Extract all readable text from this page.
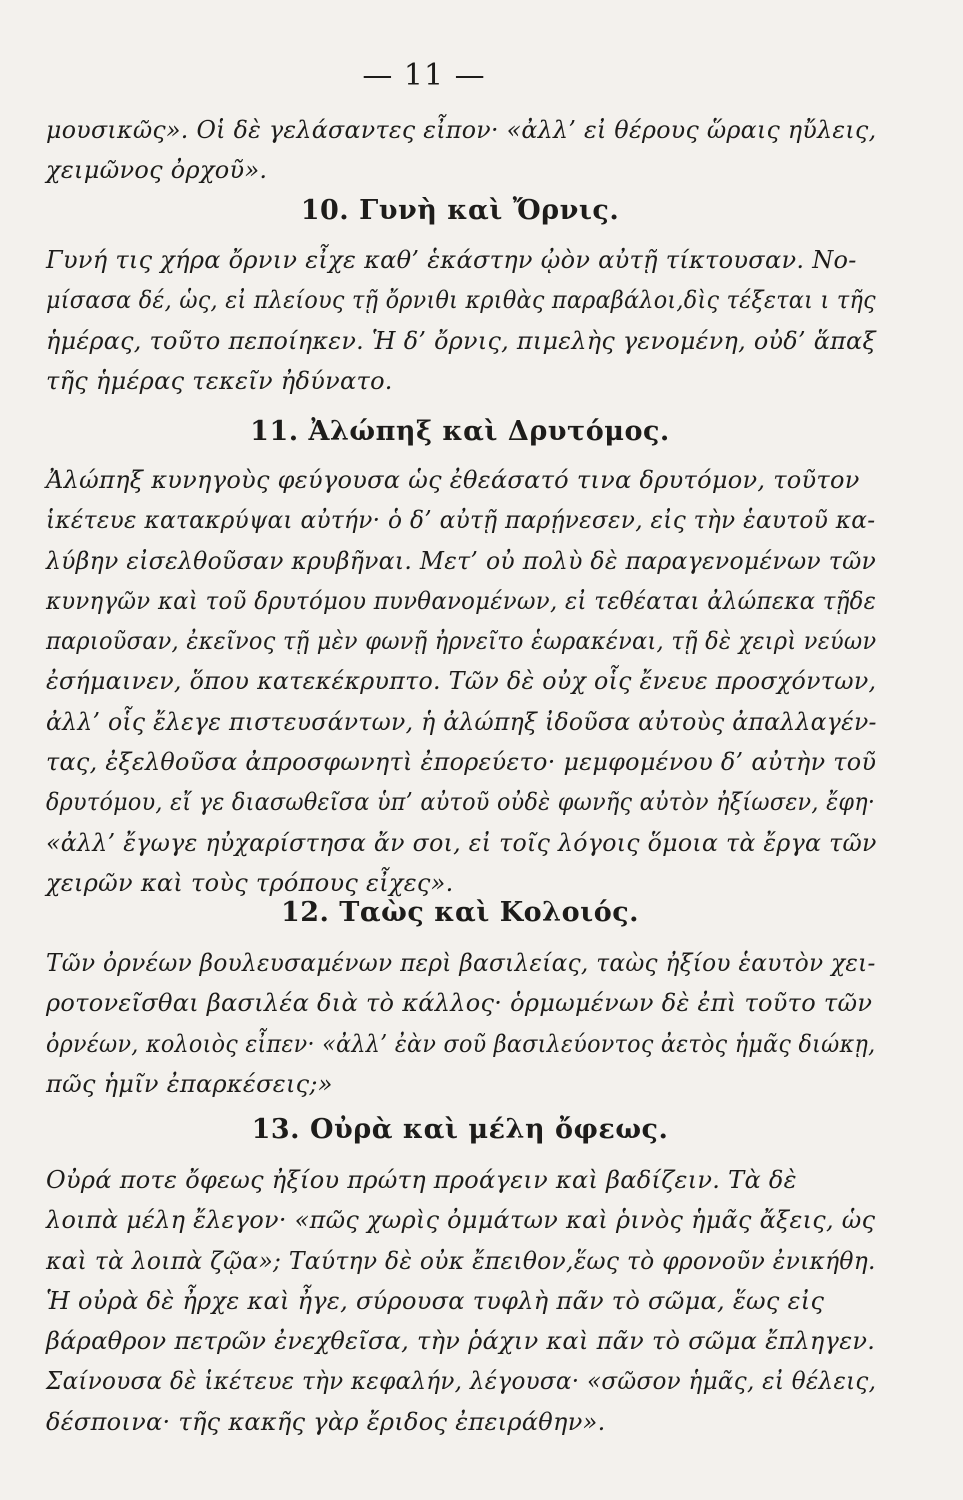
— 11 —
μουσικῶς». Οἱ δὲ γελάσαντες εἶπον· «ἀλλ’ εἰ θέρους ὥραις ηὔλεις,
χειμῶνος ὀρχοῦ».
10. Γυνὴ καὶ Ὄρνις.
Γυνή τις χήρα ὄρνιν εἶχε καθ’ ἑκάστην ᾠὸν αὐτῇ τίκτουσαν. Νο-
μίσασα δέ, ὡς, εἰ πλείους τῇ ὄρνιθι κριθὰς παραβάλοι,δὶς τέξεται ι τῆς ἡμέρας, τοῦτο πεποίηκεν. Ἡ δ’ ὄρνις, πιμελὴς γενομένη, οὐδ’ ἅπαξ
τῆς ἡμέρας τεκεῖν ἠδύνατο.
11. Ἀλώπηξ καὶ Δρυτόμος.
Ἀλώπηξ κυνηγοὺς φεύγουσα ὡς ἐθεάσατό τινα δρυτόμον, τοῦτον
ἱκέτευε κατακρύψαι αὐτήν· ὁ δ’ αὐτῇ παρῄνεσεν, εἰς τὴν ἑαυτοῦ κα- λύβην εἰσελθοῦσαν κρυβῆναι. Μετ’ οὐ πολὺ δὲ παραγενομένων τῶν κυνηγῶν καὶ τοῦ δρυτόμου πυνθανομένων, εἰ τεθέαται ἀλώπεκα τῇδε παριοῦσαν, ἐκεῖνος τῇ μὲν φωνῇ ἠρνεῖτο ἑωρακέναι, τῇ δὲ χειρὶ νεύων ἐσήμαινεν, ὅπου κατεκέκρυπτο. Τῶν δὲ οὐχ οἷς ἔνευε προσχόντων, ἀλλ’ οἷς ἔλεγε πιστευσάντων, ἡ ἀλώπηξ ἰδοῦσα αὐτοὺς ἀπαλλαγέν- τας, ἐξελθοῦσα ἀπροσφωνητὶ ἐπορεύετο· μεμφομένου δ’ αὐτὴν τοῦ δρυτόμου, εἴ γε διασωθεῖσα ὑπ’ αὐτοῦ οὐδὲ φωνῆς αὐτὸν ἠξίωσεν, ἔφη· «ἀλλ’ ἔγωγε ηὐχαρίστησα ἄν σοι, εἰ τοῖς λόγοις ὅμοια τὰ ἔργα τῶν
χειρῶν καὶ τοὺς τρόπους εἶχες».
12. Ταὼς καὶ Κολοιός.
Τῶν ὀρνέων βουλευσαμένων περὶ βασιλείας, ταὼς ἠξίου ἑαυτὸν χει-
ροτονεῖσθαι βασιλέα διὰ τὸ κάλλος· ὁρμωμένων δὲ ἐπὶ τοῦτο τῶν
ὀρνέων, κολοιὸς εἶπεν· «ἀλλ’ ἐὰν σοῦ βασιλεύοντος ἀετὸς ἡμᾶς διώκῃ,
πῶς ἡμῖν ἐπαρκέσεις;»
13. Οὐρὰ καὶ μέλη ὄφεως.
Οὐρά ποτε ὄφεως ἠξίου πρώτη προάγειν καὶ βαδίζειν. Τὰ δὲ
λοιπὰ μέλη ἔλεγον· «πῶς χωρὶς ὀμμάτων καὶ ῥινὸς ἡμᾶς ἄξεις, ὡς καὶ τὰ λοιπὰ ζῷα»; Ταύτην δὲ οὐκ ἔπειθον,ἕως τὸ φρονοῦν ἐνικήθη.
Ἡ οὐρὰ δὲ ἦρχε καὶ ἦγε, σύρουσα τυφλὴ πᾶν τὸ σῶμα, ἕως εἰς
βάραθρον πετρῶν ἐνεχθεῖσα, τὴν ῥάχιν καὶ πᾶν τὸ σῶμα ἔπληγεν.
Σαίνουσα δὲ ἱκέτευε τὴν κεφαλήν, λέγουσα· «σῶσον ἡμᾶς, εἰ θέλεις,
δέσποινα· τῆς κακῆς γὰρ ἔριδος ἐπειράθην».
